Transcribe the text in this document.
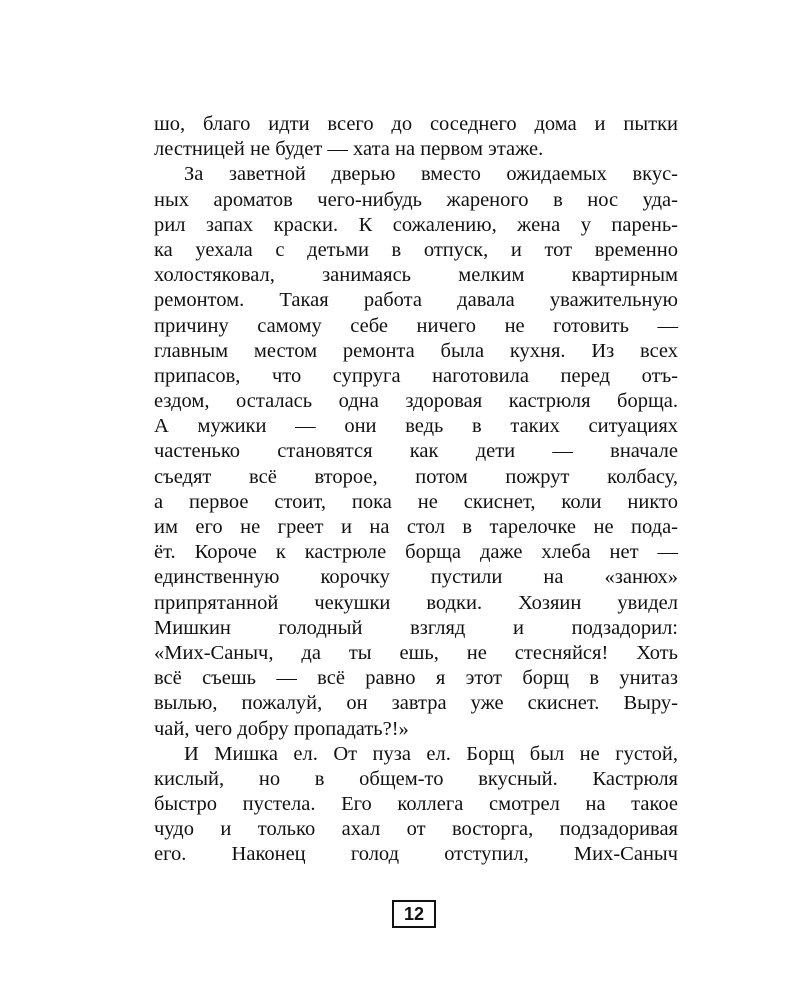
шо, благо идти всего до соседнего дома и пытки
лестницей не будет — хата на первом этаже.
За заветной дверью вместо ожидаемых вкус-
ных ароматов чего-нибудь жареного в нос уда-
рил запах краски. К сожалению, жена у парень-
ка уехала с детьми в отпуск, и тот временно
холостяковал, занимаясь мелким квартирным
ремонтом. Такая работа давала уважительную
причину самому себе ничего не готовить —
главным местом ремонта была кухня. Из всех
припасов, что супруга наготовила перед отъ-
ездом, осталась одна здоровая кастрюля борща.
А мужики — они ведь в таких ситуациях
частенько становятся как дети — вначале
съедят всё второе, потом пожрут колбасу,
а первое стоит, пока не скиснет, коли никто
им его не греет и на стол в тарелочке не пода-
ёт. Короче к кастрюле борща даже хлеба нет —
единственную корочку пустили на «занюх»
припрятанной чекушки водки. Хозяин увидел
Мишкин голодный взгляд и подзадорил:
«Мих-Саныч, да ты ешь, не стесняйся! Хоть
всё съешь — всё равно я этот борщ в унитаз
вылью, пожалуй, он завтра уже скиснет. Выру-
чай, чего добру пропадать?!»
И Мишка ел. От пуза ел. Борщ был не густой,
кислый, но в общем-то вкусный. Кастрюля
быстро пустела. Его коллега смотрел на такое
чудо и только ахал от восторга, подзадоривая
его. Наконец голод отступил, Мих-Саныч
12
